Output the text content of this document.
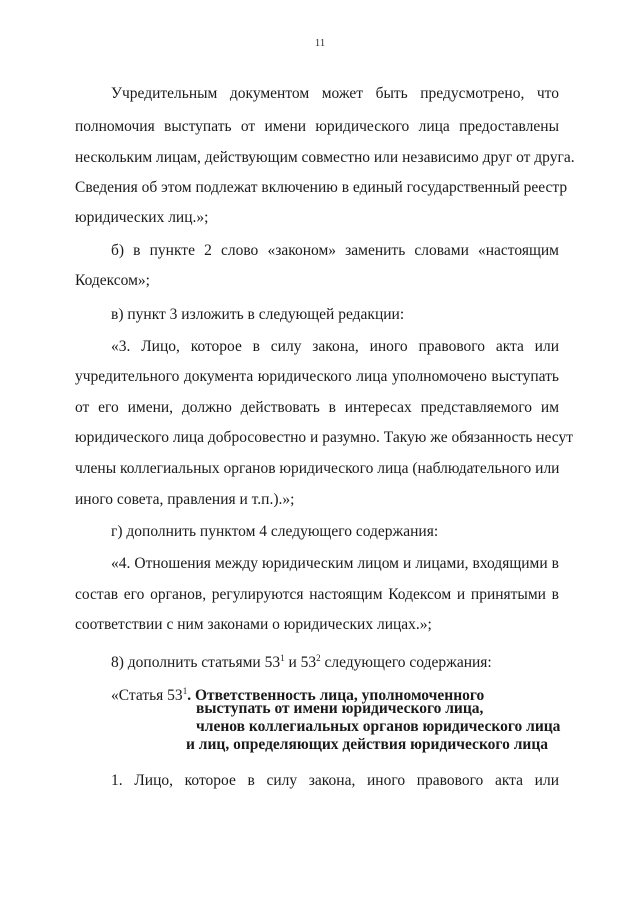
11
Учредительным документом может быть предусмотрено, что
полномочия выступать от имени юридического лица предоставлены
нескольким лицам, действующим совместно или независимо друг от друга.
Сведения об этом подлежат включению в единый государственный реестр
юридических лиц.»;
б) в пункте 2 слово «законом» заменить словами «настоящим
Кодексом»;
в) пункт 3 изложить в следующей редакции:
«3. Лицо, которое в силу закона, иного правового акта или
учредительного документа юридического лица уполномочено выступать
от его имени, должно действовать в интересах представляемого им
юридического лица добросовестно и разумно. Такую же обязанность несут
члены коллегиальных органов юридического лица (наблюдательного или
иного совета, правления и т.п.).»;
г) дополнить пунктом 4 следующего содержания:
«4. Отношения между юридическим лицом и лицами, входящими в
состав его органов, регулируются настоящим Кодексом и принятыми в
соответствии с ним законами о юридических лицах.»;
8) дополнить статьями $53^1$ и $53^2$ следующего содержания:
«Статья $53^1$. Ответственность лица, уполномоченного
выступать от имени юридического лица,
членов коллегиальных органов юридического лица
и лиц, определяющих действия юридического лица
1. Лицо, которое в силу закона, иного правового акта или
